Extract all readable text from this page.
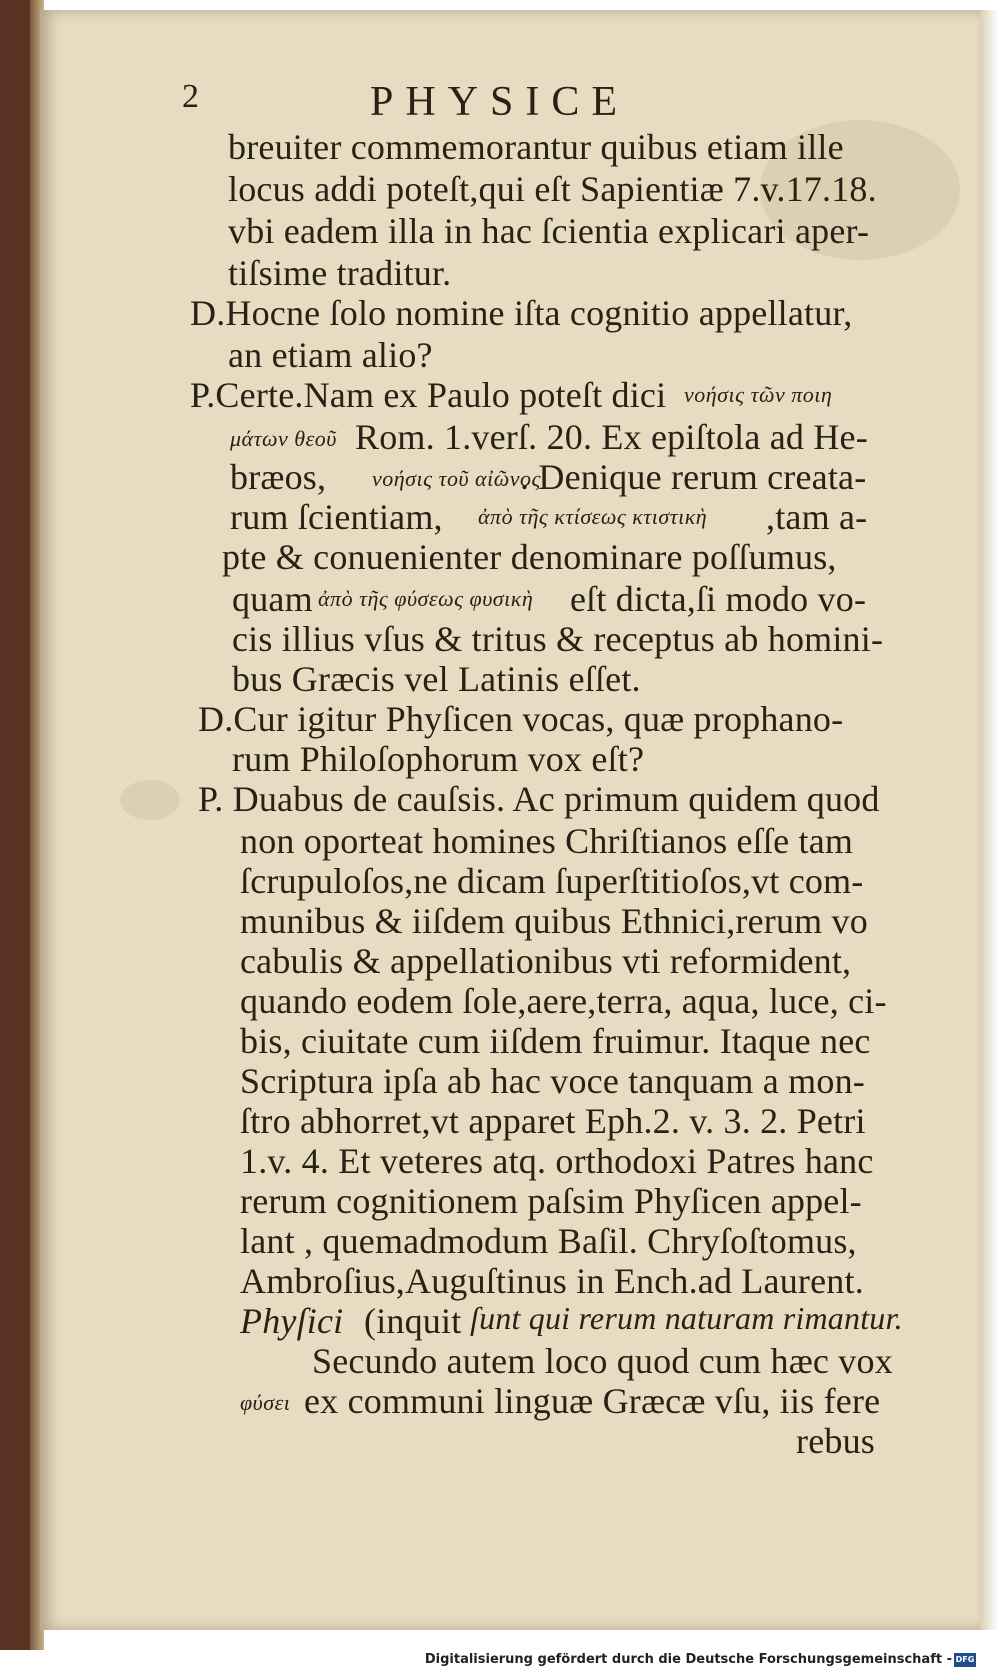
2	PHYSICE
breuiter commemorantur quibus etiam ille
locus addi poteſt,qui eſt Sapientiæ 7.v.17.18.
vbi eadem illa in hac ſcientia explicari aper-
tiſsime traditur.
D.Hocne ſolo nomine iſta cognitio appellatur,
an etiam alio?
P.Certe.Nam ex Paulo poteſt dici νοήσις τῶν ποιη
μάτων θεοῦ Rom. 1.verſ. 20. Ex epiſtola ad He-
bræos, νοήσις τοῦ αἰῶνος
. Denique rerum creata-
rum ſcientiam, ἀπὸ τῆς κτίσεως κτιστικὴ ,tam a-
pte & conuenienter denominare poſſumus,
quam ἀπὸ τῆς φύσεως φυσικὴ eſt dicta,ſi modo vo-
cis illius vſus & tritus & receptus ab homini-
bus Græcis vel Latinis eſſet.
D.Cur igitur Phyſicen vocas, quæ prophano-
rum Philoſophorum vox eſt?
P. Duabus de cauſsis. Ac primum quidem quod
non oporteat homines Chriſtianos eſſe tam
ſcrupuloſos,ne dicam ſuperſtitioſos,vt com-
munibus & iiſdem quibus Ethnici,rerum vo
cabulis & appellationibus vti reformident,
quando eodem ſole,aere,terra, aqua, luce, ci-
bis, ciuitate cum iiſdem fruimur. Itaque nec
Scriptura ipſa ab hac voce tanquam a mon-
ſtro abhorret,vt apparet Eph.2. v. 3. 2. Petri
1.v. 4. Et veteres atq. orthodoxi Patres hanc
rerum cognitionem paſsim Phyſicen appel-
lant , quemadmodum Baſil. Chryſoſtomus,
Ambroſius,Auguſtinus in Ench.ad Laurent.
Phyſici (inquit ſunt qui rerum naturam rimantur.
Secundo autem loco quod cum hæc vox
φύσει ex communi linguæ Græcæ vſu, iis fere
rebus
Digitalisierung gefördert durch die Deutsche Forschungsgemeinschaft - DFG
